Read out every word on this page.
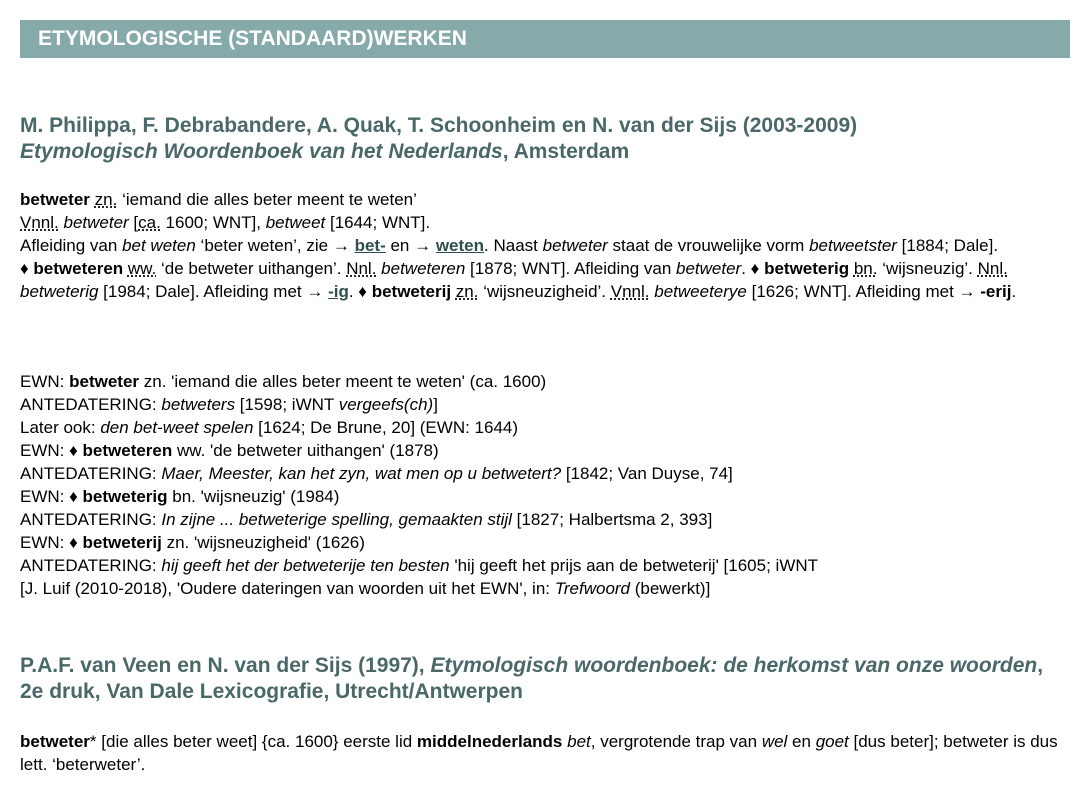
ETYMOLOGISCHE (STANDAARD)WERKEN
M. Philippa, F. Debrabandere, A. Quak, T. Schoonheim en N. van der Sijs (2003-2009)
Etymologisch Woordenboek van het Nederlands, Amsterdam

betweter zn. ‘iemand die alles beter meent te weten’

Vnnl. betweter [ca. 1600; WNT], betweet [1644; WNT].

Afleiding van bet weten ‘beter weten’, zie → bet- en → weten. Naast betweter staat de vrouwelijke vorm betweetster [1884; Dale].

♦ betweteren ww. ‘de betweter uithangen’. Nnl. betweteren [1878; WNT]. Afleiding van betweter. ♦ betweterig bn. ‘wijsneuzig’. Nnl. betweterig [1984; Dale]. Afleiding met → -ig. ♦ betweterij zn. ‘wijsneuzigheid’. Vnnl. betweeterye [1626; WNT]. Afleiding met → -erij.

EWN: betweter zn. 'iemand die alles beter meent te weten' (ca. 1600)

ANTEDATERING: betweters [1598; iWNT vergeefs(ch)]

Later ook: den bet-weet spelen [1624; De Brune, 20] (EWN: 1644)

EWN: ♦ betweteren ww. 'de betweter uithangen' (1878)

ANTEDATERING: Maer, Meester, kan het zyn, wat men op u betwetert? [1842; Van Duyse, 74]

EWN: ♦ betweterig bn. 'wijsneuzig' (1984)

ANTEDATERING: In zijne ... betweterige spelling, gemaakten stijl [1827; Halbertsma 2, 393]

EWN: ♦ betweterij zn. 'wijsneuzigheid' (1626)

ANTEDATERING: hij geeft het der betweterije ten besten 'hij geeft het prijs aan de betweterij' [1605; iWNT

[J. Luif (2010-2018), 'Oudere dateringen van woorden uit het EWN', in: Trefwoord (bewerkt)]

P.A.F. van Veen en N. van der Sijs (1997), Etymologisch woordenboek: de herkomst van onze woorden, 2e druk, Van Dale Lexicografie, Utrecht/Antwerpen

betweter* [die alles beter weet] {ca. 1600} eerste lid middelnederlands bet, vergrotende trap van wel en goet [dus beter]; betweter is dus lett. ‘beterweter’.
